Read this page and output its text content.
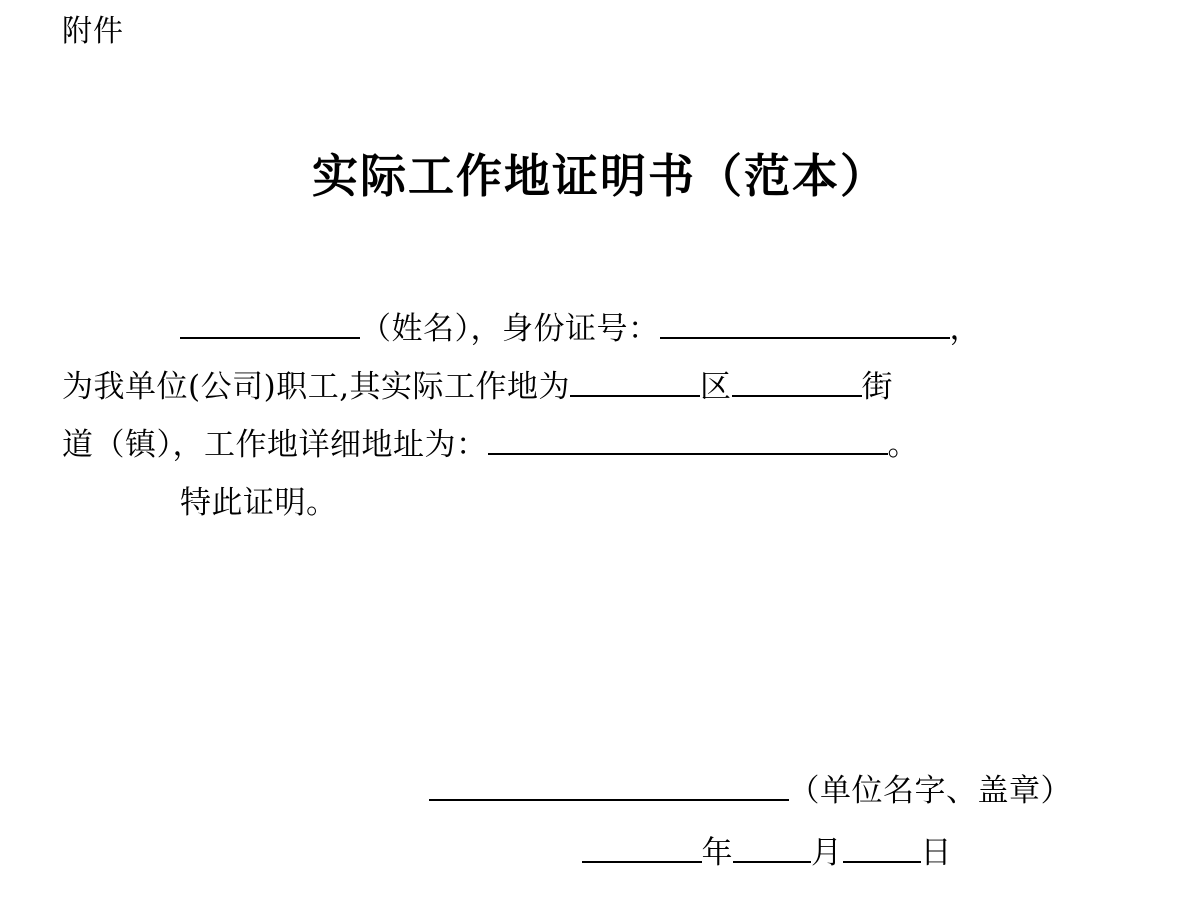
附件
实际工作地证明书（范本）
（姓名），身份证号：	，
为我单位(公司)职工,其实际工作地为	区	街
道（镇），工作地详细地址为：	。
特此证明。
（单位名字、盖章）
年	月	日
